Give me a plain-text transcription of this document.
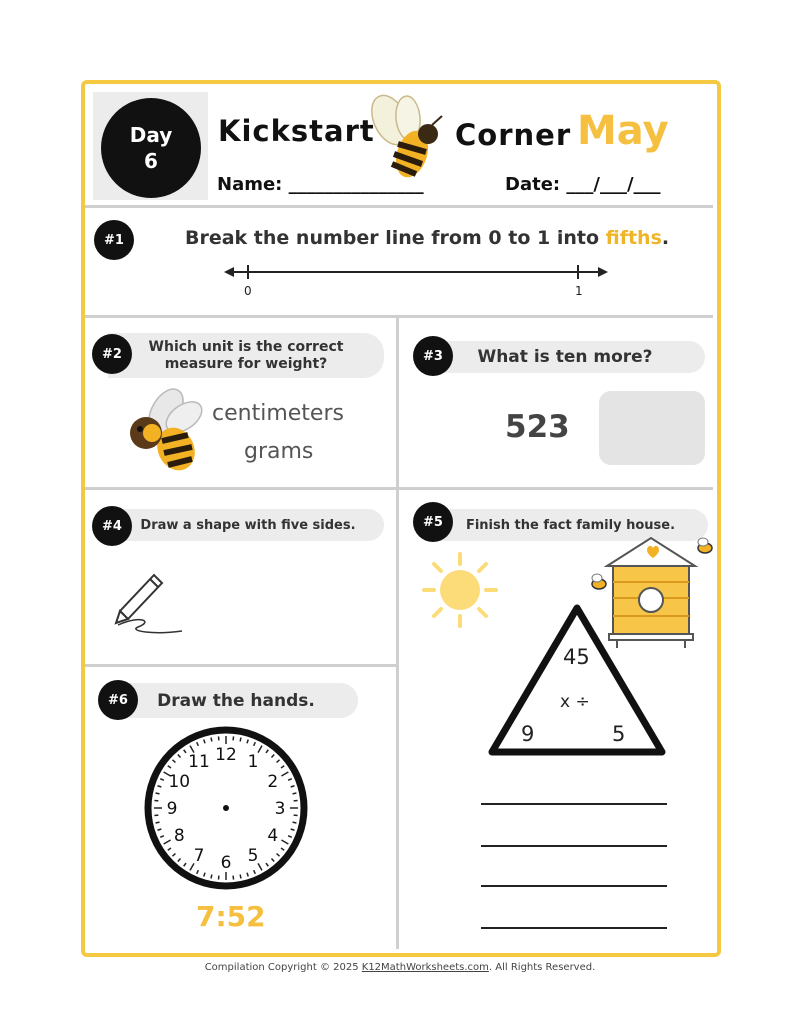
Day
6
Kickstart	Corner May
Name: _______________	Date: ___/___/___
#1	Break the number line from 0 to 1 into fifths.
0	1
Which unit is the correct
measure for weight?
#2
centimeters
grams
What is ten more?
#3
523
Draw a shape with five sides.
#4	Finish the fact family house.
#5
45
x ÷
9	5
Draw the hands.
#6
12 1
2
3
4
5
6
7
8
9
10
11
7:52
Compilation Copyright © 2025 K12MathWorksheets.com. All Rights Reserved.
